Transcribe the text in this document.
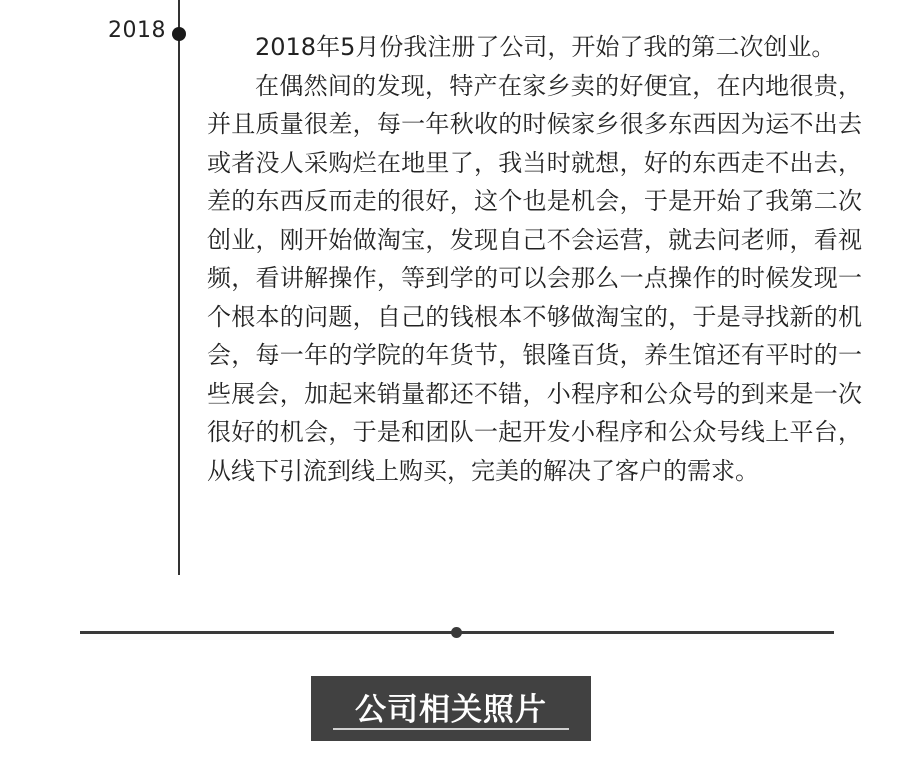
2018

2018年5月份我注册了公司，开始了我的第二次创业。

在偶然间的发现，特产在家乡卖的好便宜，在内地很贵，并且质量很差，每一年秋收的时候家乡很多东西因为运不出去或者没人采购烂在地里了，我当时就想，好的东西走不出去，差的东西反而走的很好，这个也是机会，于是开始了我第二次创业，刚开始做淘宝，发现自己不会运营，就去问老师，看视频，看讲解操作，等到学的可以会那么一点操作的时候发现一个根本的问题，自己的钱根本不够做淘宝的，于是寻找新的机会，每一年的学院的年货节，银隆百货，养生馆还有平时的一些展会，加起来销量都还不错，小程序和公众号的到来是一次很好的机会，于是和团队一起开发小程序和公众号线上平台，从线下引流到线上购买，完美的解决了客户的需求。

公司相关照片
